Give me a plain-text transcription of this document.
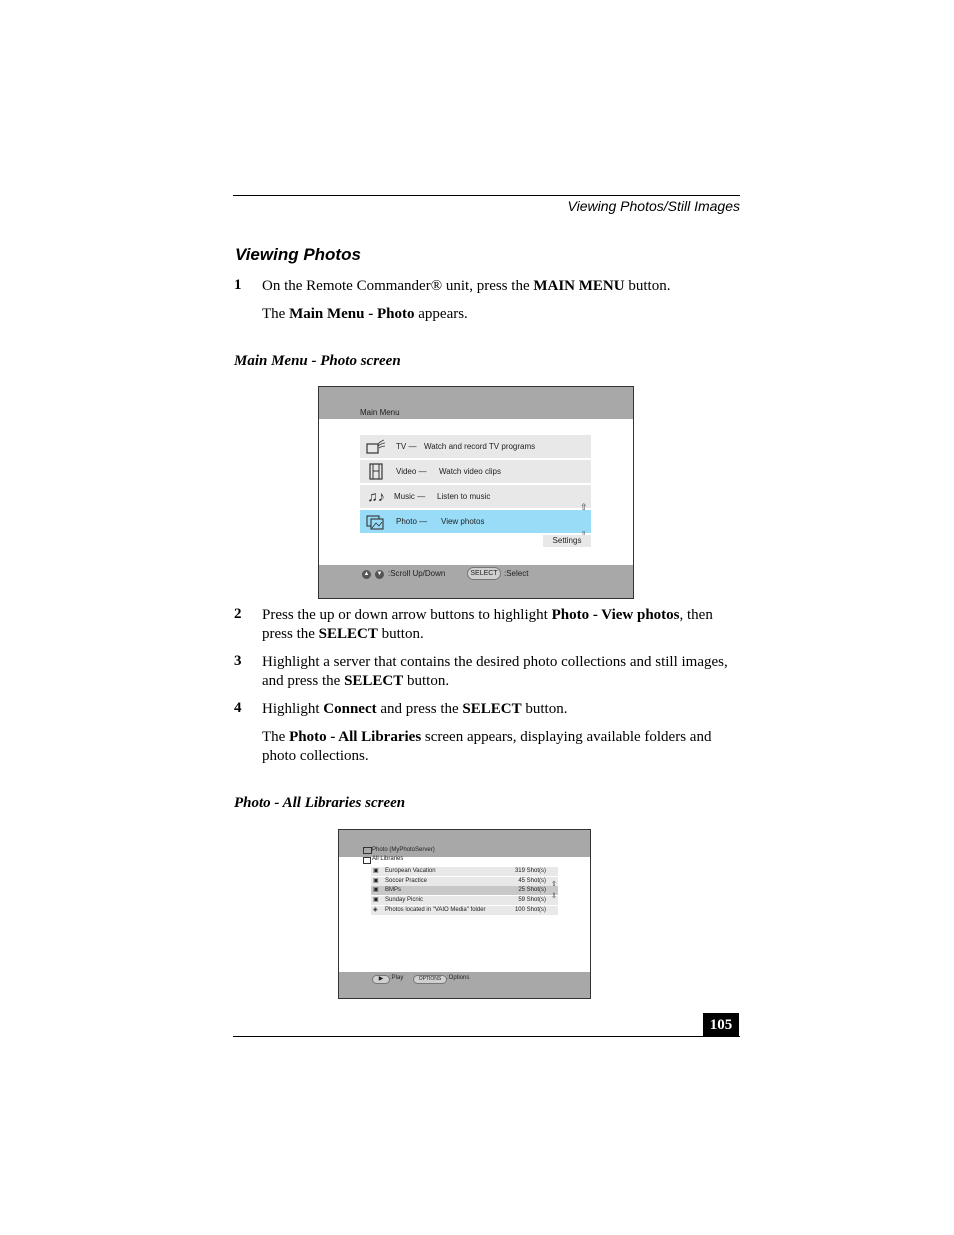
Viewing Photos/Still Images
Viewing Photos
1 On the Remote Commander® unit, press the MAIN MENU button.
The Main Menu - Photo appears.
Main Menu - Photo screen
Main Menu
TV — Watch and record TV programs
Video — Watch video clips
♫♪ Music — Listen to music
Photo — View photos
⇧
Settings
▲ ▼ :Scroll Up/Down	SELECT :Select
2 Press the up or down arrow buttons to highlight Photo - View photos, then press the SELECT button.
3 Highlight a server that contains the desired photo collections and still images, and press the SELECT button.
4 Highlight Connect and press the SELECT button.
The Photo - All Libraries screen appears, displaying available folders and photo collections.
Photo - All Libraries screen
Photo (MyPhotoServer)
All Libraries
▣	European Vacation	319 Shot(s)
▣	Soccer Practice	45 Shot(s)
▣	BMPs	25 Shot(s)
▣	Sunday Picnic	59 Shot(s)
◈	Photos located in "VAIO Media" folder	100 Shot(s)
⇧
⇩
▶	:Play	OPTIONS :Options
105
